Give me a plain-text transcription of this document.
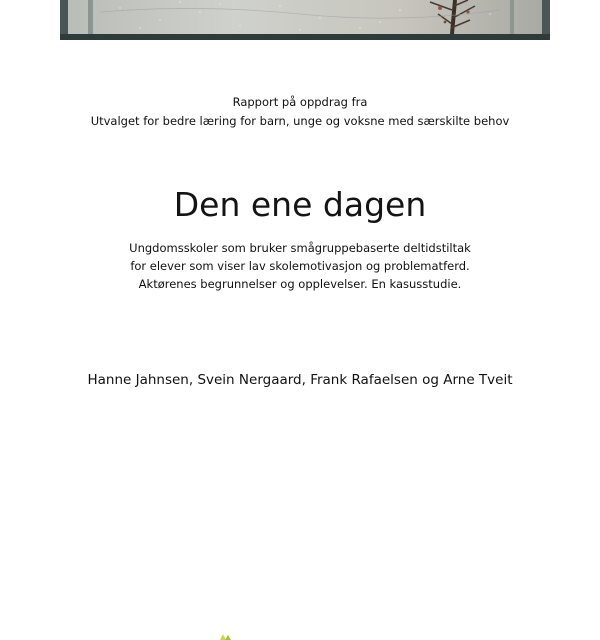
Rapport på oppdrag fra
Utvalget for bedre læring for barn, unge og voksne med særskilte behov
Den ene dagen
Ungdomsskoler som bruker smågruppebaserte deltidstiltak
for elever som viser lav skolemotivasjon og problematferd.
Aktørenes begrunnelser og opplevelser. En kasusstudie.
Hanne Jahnsen, Svein Nergaard, Frank Rafaelsen og Arne Tveit
